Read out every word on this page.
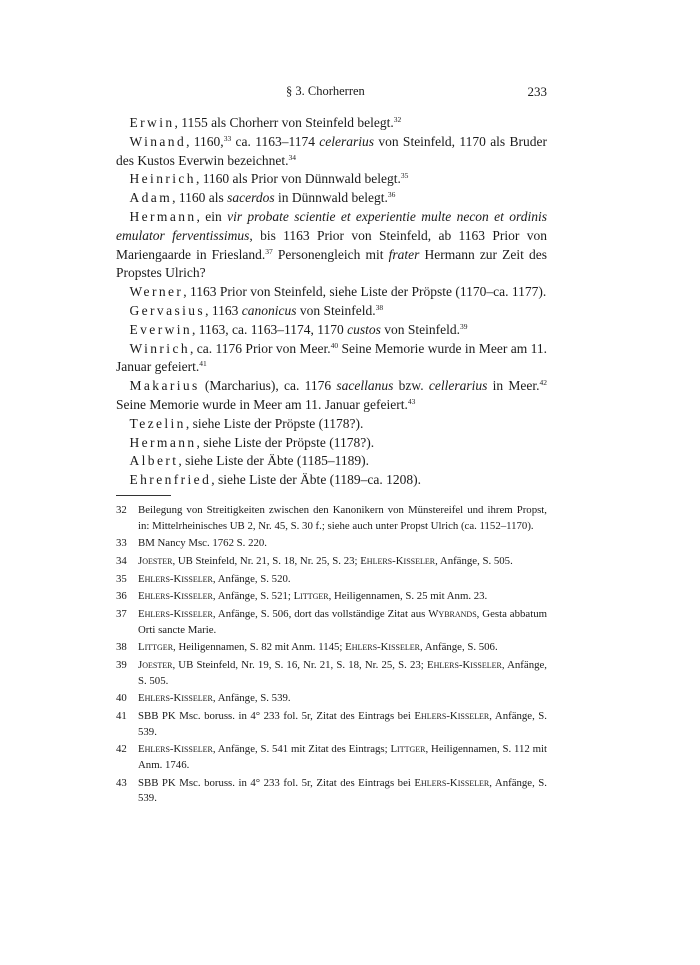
§ 3. Chorherren	233

Erwin, 1155 als Chorherr von Steinfeld belegt.$^{32}$

Winand, 1160,33 ca. 1163–1174 celerarius von Steinfeld, 1170 als Bruder des Kustos Everwin bezeichnet.$^{34}$

Heinrich, 1160 als Prior von Dünnwald belegt.$^{35}$

Adam, 1160 als sacerdos in Dünnwald belegt.$^{36}$

Hermann, ein vir probate scientie et experientie multe necon et ordinis emulator ferventissimus, bis 1163 Prior von Steinfeld, ab 1163 Prior von Mariengaarde in Friesland.$^{37}$ Personengleich mit frater Hermann zur Zeit des Propstes Ulrich?

Werner, 1163 Prior von Steinfeld, siehe Liste der Pröpste (1170–ca. 1177).

Gervasius, 1163 canonicus von Steinfeld.$^{38}$

Everwin, 1163, ca. 1163–1174, 1170 custos von Steinfeld.$^{39}$

Winrich, ca. 1176 Prior von Meer.$^{40}$ Seine Memorie wurde in Meer am 11. Januar gefeiert.$^{41}$

Makarius (Marcharius), ca. 1176 sacellanus bzw. cellerarius in Meer.$^{42}$ Seine Memorie wurde in Meer am 11. Januar gefeiert.$^{43}$

Tezelin, siehe Liste der Pröpste (1178?).

Hermann, siehe Liste der Pröpste (1178?).

Albert, siehe Liste der Äbte (1185–1189).

Ehrenfried, siehe Liste der Äbte (1189–ca. 1208).

32	Beilegung von Streitigkeiten zwischen den Kanonikern von Münstereifel und ihrem Propst, in: Mittelrheinisches UB 2, Nr. 45, S. 30 f.; siehe auch unter Propst Ulrich (ca. 1152–1170).
33	BM Nancy Msc. 1762 S. 220.
34	Joester, UB Steinfeld, Nr. 21, S. 18, Nr. 25, S. 23; Ehlers-Kisseler, Anfänge, S. 505.
35	Ehlers-Kisseler, Anfänge, S. 520.
36	Ehlers-Kisseler, Anfänge, S. 521; Littger, Heiligennamen, S. 25 mit Anm. 23.
37	Ehlers-Kisseler, Anfänge, S. 506, dort das vollständige Zitat aus Wybrands, Gesta abbatum Orti sancte Marie.
38	Littger, Heiligennamen, S. 82 mit Anm. 1145; Ehlers-Kisseler, Anfänge, S. 506.
39	Joester, UB Steinfeld, Nr. 19, S. 16, Nr. 21, S. 18, Nr. 25, S. 23; Ehlers-Kisseler, Anfänge, S. 505.
40	Ehlers-Kisseler, Anfänge, S. 539.
41	SBB PK Msc. boruss. in 4° 233 fol. 5r, Zitat des Eintrags bei Ehlers-Kisseler, Anfänge, S. 539.
42	Ehlers-Kisseler, Anfänge, S. 541 mit Zitat des Eintrags; Littger, Heiligennamen, S. 112 mit Anm. 1746.
43	SBB PK Msc. boruss. in 4° 233 fol. 5r, Zitat des Eintrags bei Ehlers-Kisseler, Anfänge, S. 539.
